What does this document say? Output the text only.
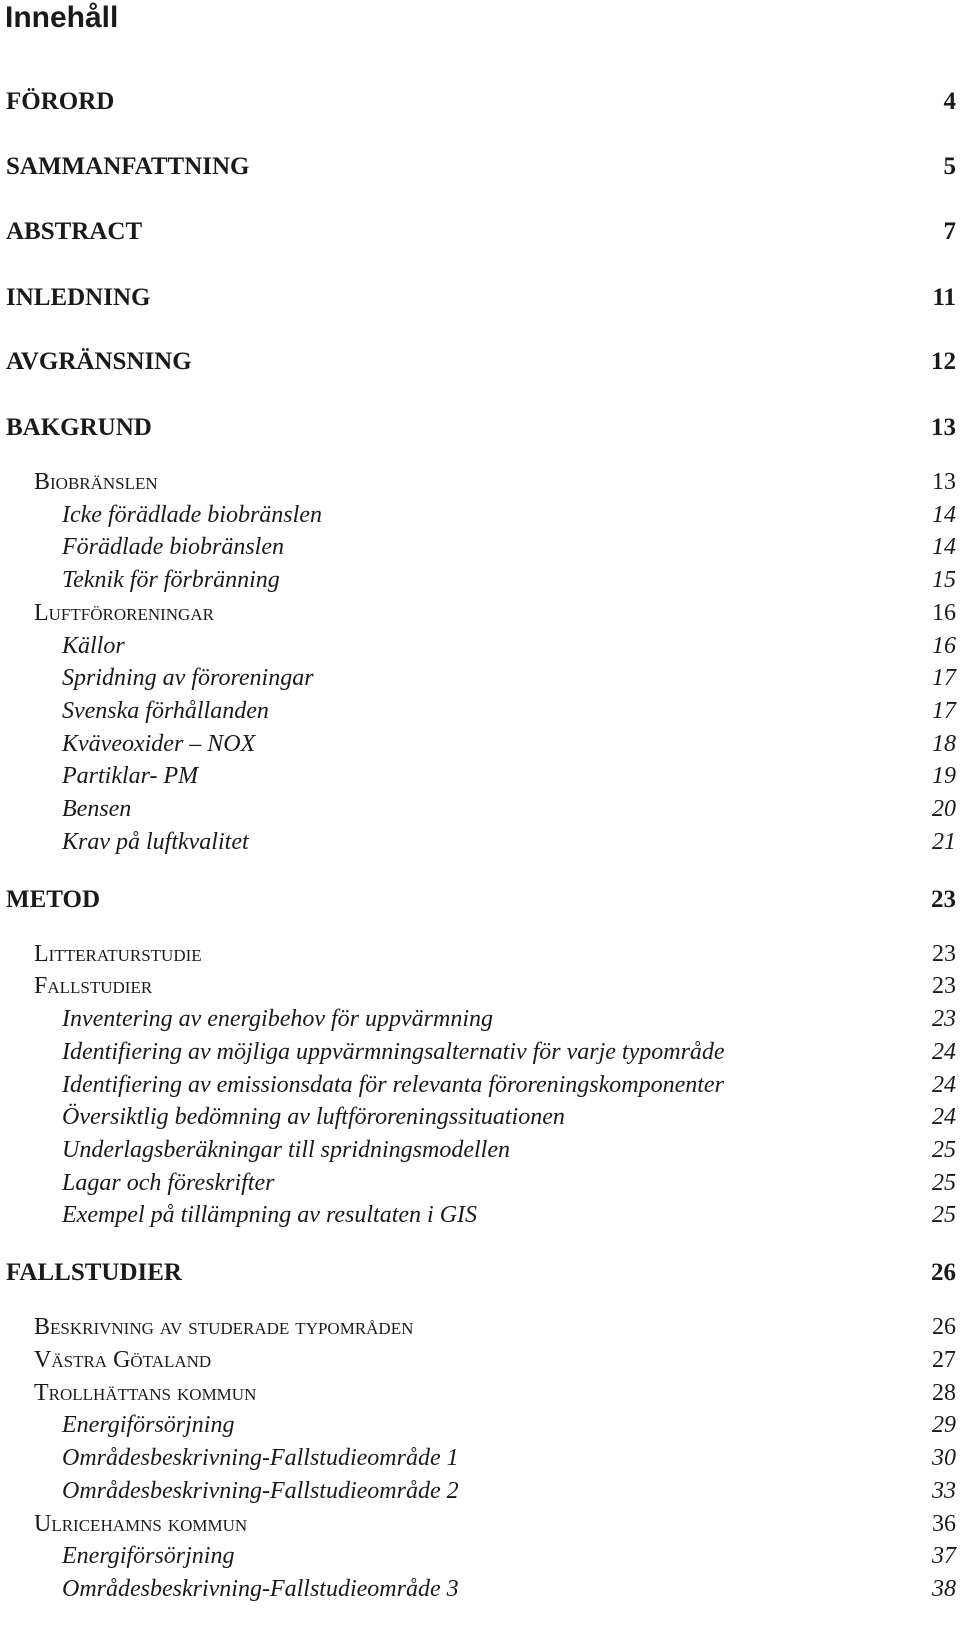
Innehåll
FÖRORD	4
SAMMANFATTNING	5
ABSTRACT	7
INLEDNING	11
AVGRÄNSNING	12
BAKGRUND	13
Biobränslen	13
Icke förädlade biobränslen	14
Förädlade biobränslen	14
Teknik för förbränning	15
Luftföroreningar	16
Källor	16
Spridning av föroreningar	17
Svenska förhållanden	17
Kväveoxider – NOX	18
Partiklar- PM	19
Bensen	20
Krav på luftkvalitet	21
METOD	23
Litteraturstudie	23
Fallstudier	23
Inventering av energibehov för uppvärmning	23
Identifiering av möjliga uppvärmningsalternativ för varje typområde	24
Identifiering av emissionsdata för relevanta föroreningskomponenter	24
Översiktlig bedömning av luftföroreningssituationen	24
Underlagsberäkningar till spridningsmodellen	25
Lagar och föreskrifter	25
Exempel på tillämpning av resultaten i GIS	25
FALLSTUDIER	26
Beskrivning av studerade typområden	26
Västra Götaland	27
Trollhättans kommun	28
Energiförsörjning	29
Områdesbeskrivning-Fallstudieområde 1	30
Områdesbeskrivning-Fallstudieområde 2	33
Ulricehamns kommun	36
Energiförsörjning	37
Områdesbeskrivning-Fallstudieområde 3	38
